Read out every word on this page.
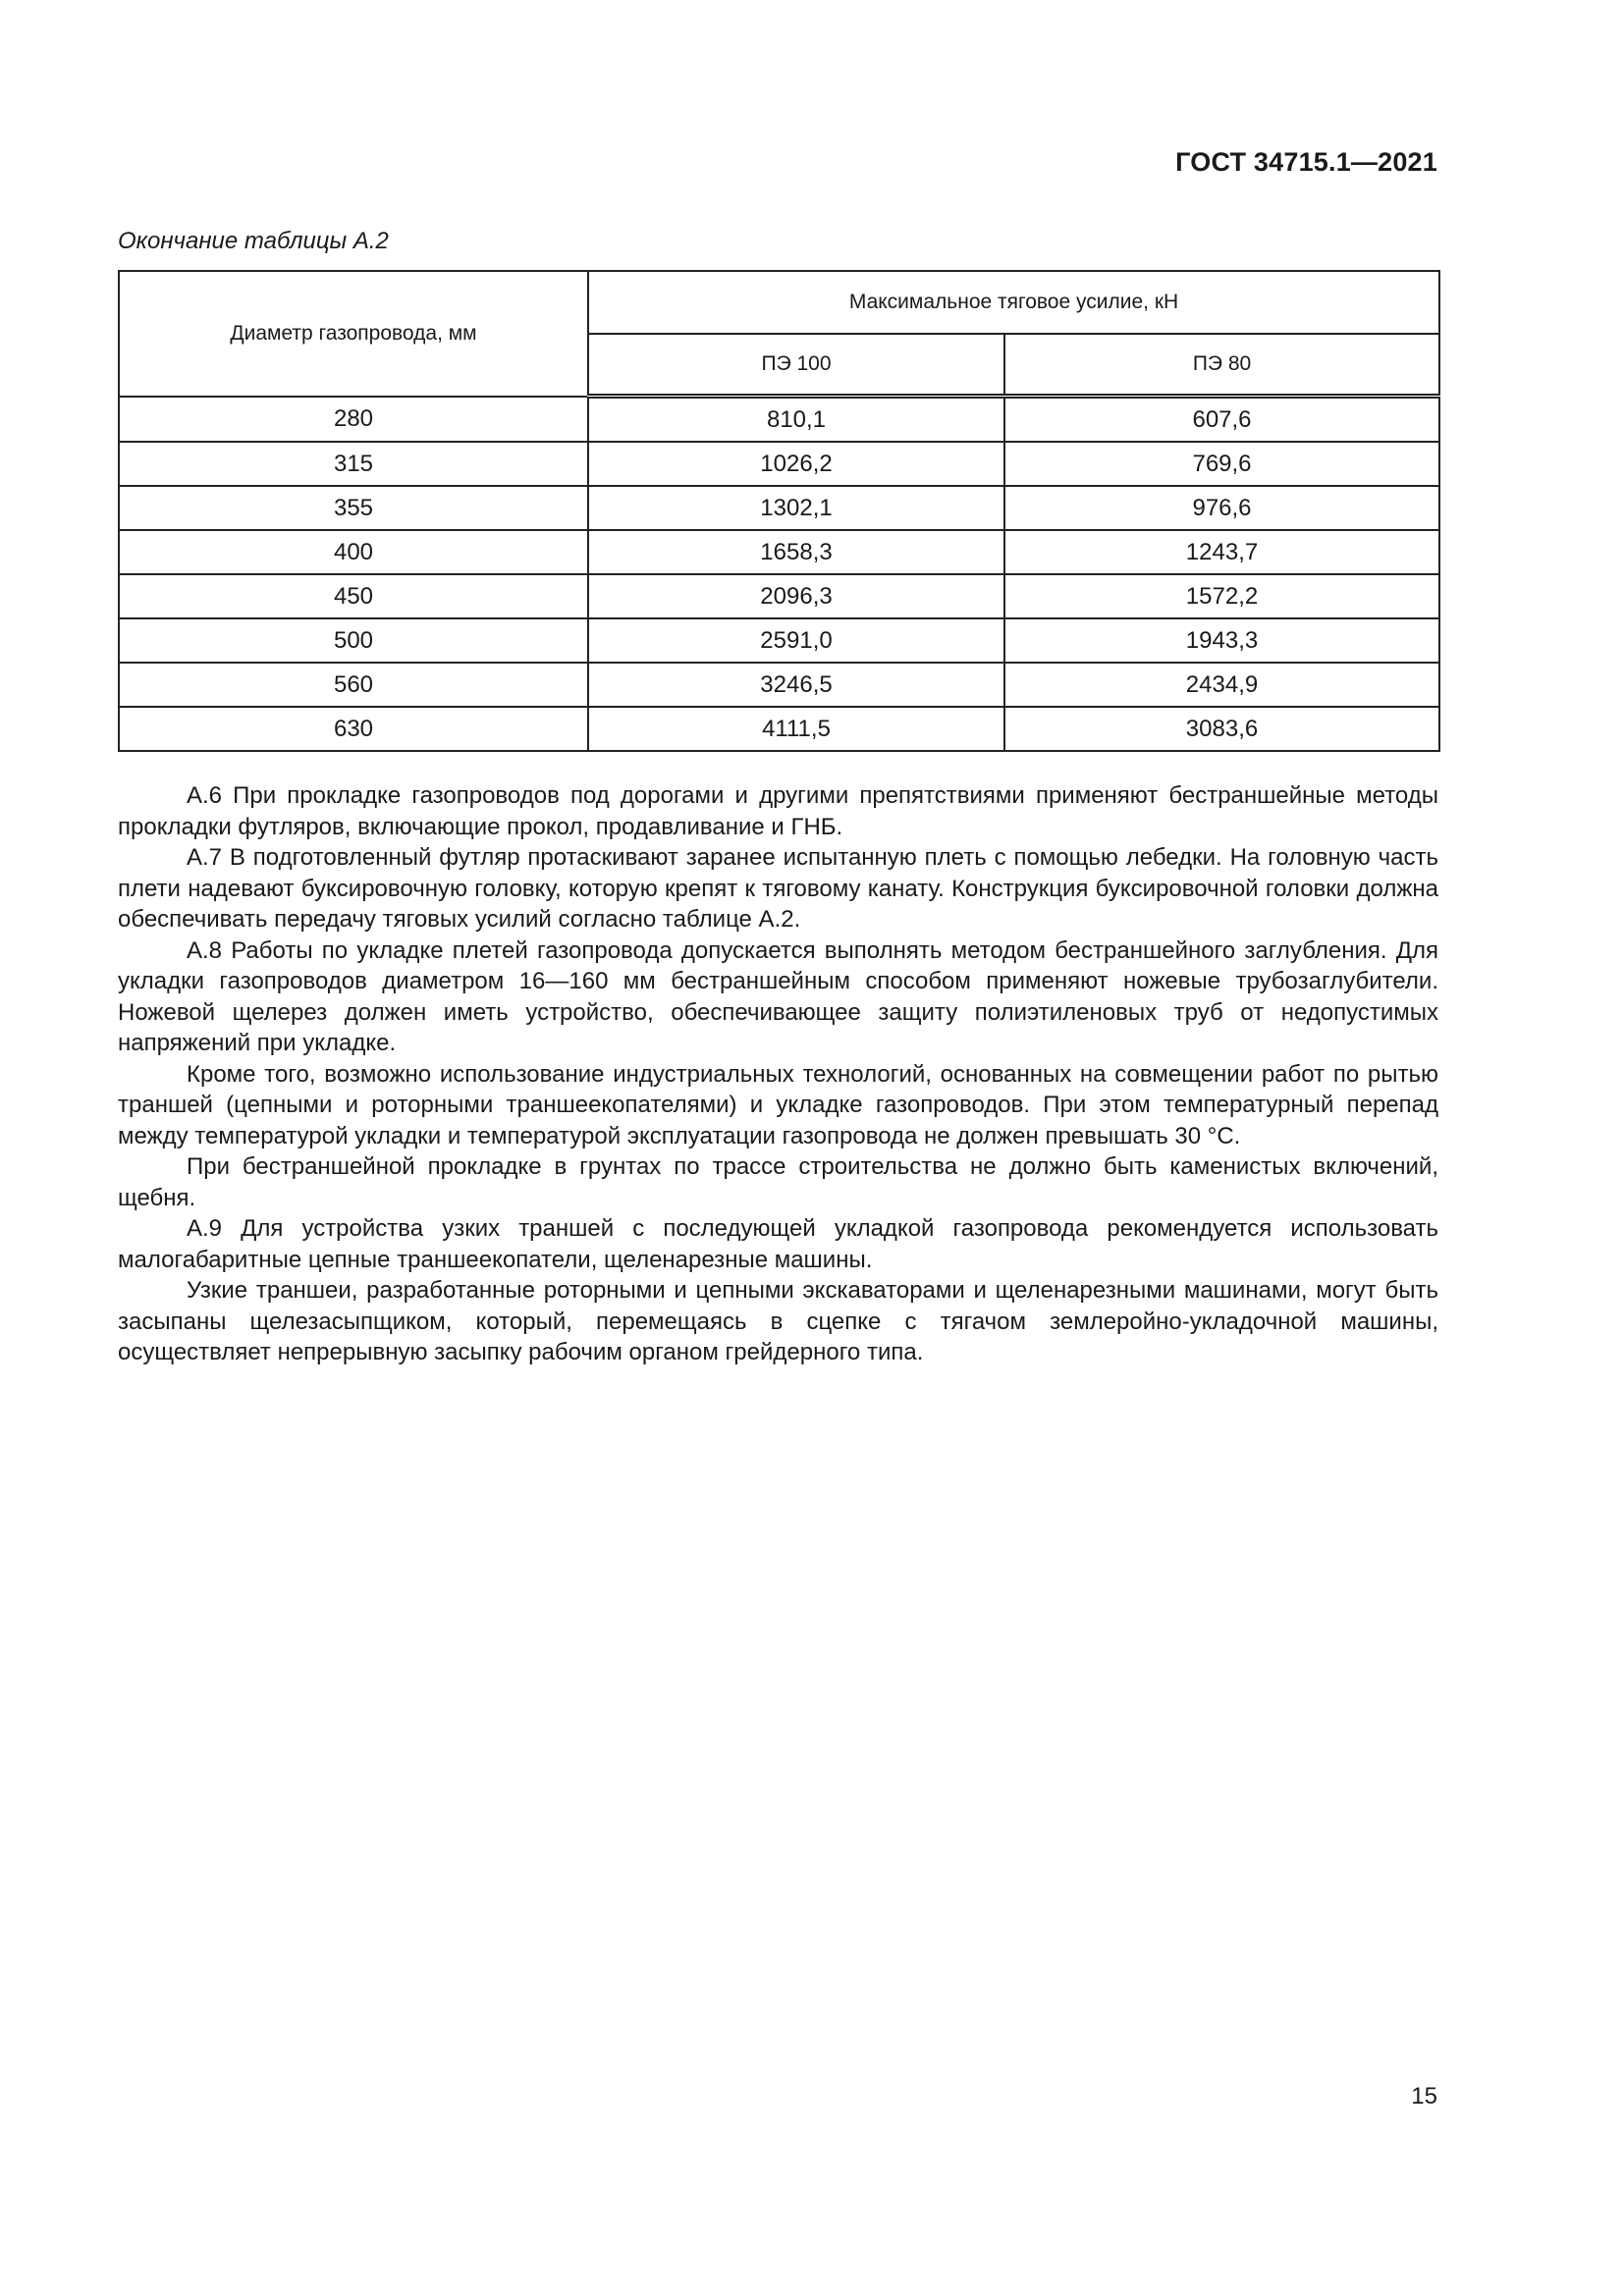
ГОСТ 34715.1—2021
Окончание таблицы А.2
Диаметр газопровода, мм	Максимальное тяговое усилие, кН	
	ПЭ 100	ПЭ 80
280	810,1	607,6
315	1026,2	769,6
355	1302,1	976,6
400	1658,3	1243,7
450	2096,3	1572,2
500	2591,0	1943,3
560	3246,5	2434,9
630	4111,5	3083,6

А.6 При прокладке газопроводов под дорогами и другими препятствиями применяют бестраншейные методы прокладки футляров, включающие прокол, продавливание и ГНБ.

А.7 В подготовленный футляр протаскивают заранее испытанную плеть с помощью лебедки. На головную часть плети надевают буксировочную головку, которую крепят к тяговому канату. Конструкция буксировочной головки должна обеспечивать передачу тяговых усилий согласно таблице А.2.

А.8 Работы по укладке плетей газопровода допускается выполнять методом бестраншейного заглубления. Для укладки газопроводов диаметром 16—160 мм бестраншейным способом применяют ножевые трубозаглубители. Ножевой щелерез должен иметь устройство, обеспечивающее защиту полиэтиленовых труб от недопустимых напряжений при укладке.

Кроме того, возможно использование индустриальных технологий, основанных на совмещении работ по рытью траншей (цепными и роторными траншеекопателями) и укладке газопроводов. При этом температурный перепад между температурой укладки и температурой эксплуатации газопровода не должен превышать 30 °С.

При бестраншейной прокладке в грунтах по трассе строительства не должно быть каменистых включений, щебня.

А.9 Для устройства узких траншей с последующей укладкой газопровода рекомендуется использовать малогабаритные цепные траншеекопатели, щеленарезные машины.

Узкие траншеи, разработанные роторными и цепными экскаваторами и щеленарезными машинами, могут быть засыпаны щелезасыпщиком, который, перемещаясь в сцепке с тягачом землеройно-укладочной машины, осуществляет непрерывную засыпку рабочим органом грейдерного типа.

15
